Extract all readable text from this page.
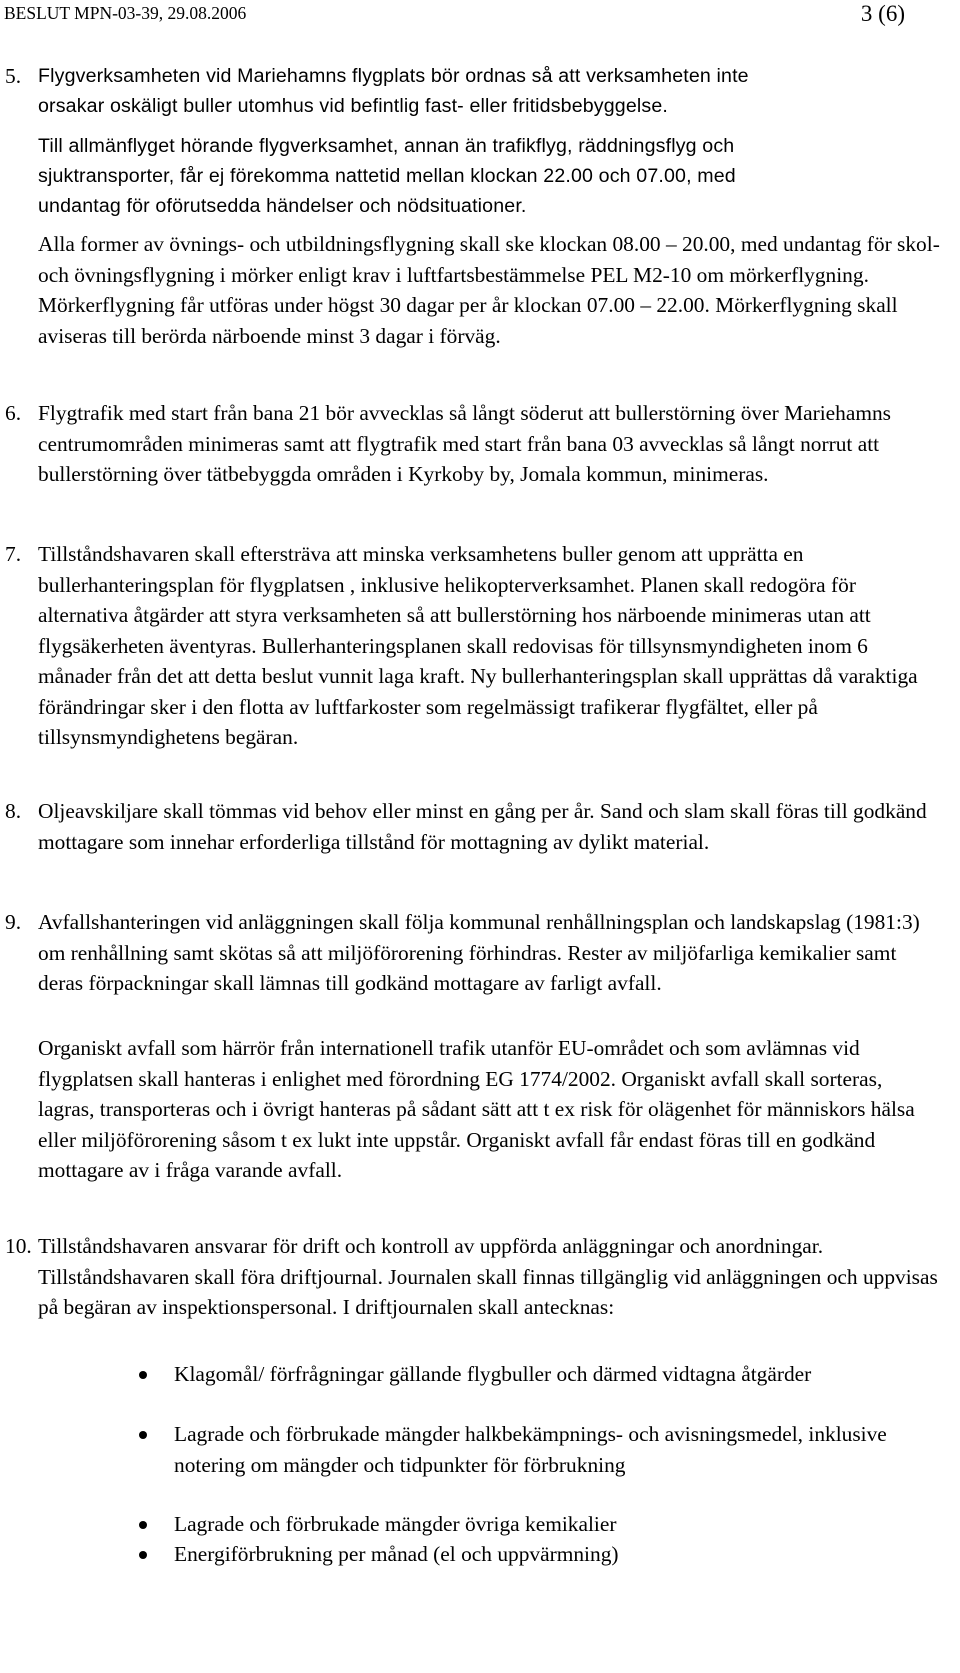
BESLUT MPN-03-39, 29.08.2006	3 (6)
5. Flygverksamheten vid Mariehamns flygplats bör ordnas så att verksamheten inte

orsakar oskäligt buller utomhus vid befintlig fast- eller fritidsbebyggelse.

Till allmänflyget hörande flygverksamhet, annan än trafikflyg, räddningsflyg och

sjuktransporter, får ej förekomma nattetid mellan klockan 22.00 och 07.00, med

undantag för oförutsedda händelser och nödsituationer.

Alla former av övnings- och utbildningsflygning skall ske klockan 08.00 – 20.00, med undantag för skol- och övningsflygning i mörker enligt krav i luftfartsbestämmelse PEL M2-10 om mörkerflygning. Mörkerflygning får utföras under högst 30 dagar per år klockan 07.00 – 22.00. Mörkerflygning skall aviseras till berörda närboende minst 3 dagar i förväg.

6. Flygtrafik med start från bana 21 bör avvecklas så långt söderut att bullerstörning över Mariehamns centrumområden minimeras samt att flygtrafik med start från bana 03 avvecklas så långt norrut att bullerstörning över tätbebyggda områden i Kyrkoby by, Jomala kommun, minimeras.

7. Tillståndshavaren skall eftersträva att minska verksamhetens buller genom att upprätta en bullerhanteringsplan för flygplatsen , inklusive helikopterverksamhet. Planen skall redogöra för alternativa åtgärder att styra verksamheten så att bullerstörning hos närboende minimeras utan att flygsäkerheten äventyras. Bullerhanteringsplanen skall redovisas för tillsynsmyndigheten inom 6 månader från det att detta beslut vunnit laga kraft. Ny bullerhanteringsplan skall upprättas då varaktiga förändringar sker i den flotta av luftfarkoster som regelmässigt trafikerar flygfältet, eller på tillsynsmyndighetens begäran.

8. Oljeavskiljare skall tömmas vid behov eller minst en gång per år. Sand och slam skall föras till godkänd mottagare som innehar erforderliga tillstånd för mottagning av dylikt material.

9. Avfallshanteringen vid anläggningen skall följa kommunal renhållningsplan och landskapslag (1981:3) om renhållning samt skötas så att miljöförorening förhindras. Rester av miljöfarliga kemikalier samt deras förpackningar skall lämnas till godkänd mottagare av farligt avfall.

Organiskt avfall som härrör från internationell trafik utanför EU-området och som avlämnas vid flygplatsen skall hanteras i enlighet med förordning EG 1774/2002. Organiskt avfall skall sorteras, lagras, transporteras och i övrigt hanteras på sådant sätt att t ex risk för olägenhet för människors hälsa eller miljöförorening såsom t ex lukt inte uppstår. Organiskt avfall får endast föras till en godkänd mottagare av i fråga varande avfall.

10. Tillståndshavaren ansvarar för drift och kontroll av uppförda anläggningar och anordningar. Tillståndshavaren skall föra driftjournal. Journalen skall finnas tillgänglig vid anläggningen och uppvisas på begäran av inspektionspersonal. I driftjournalen skall antecknas:

Klagomål/ förfrågningar gällande flygbuller och därmed vidtagna åtgärder

Lagrade och förbrukade mängder halkbekämpnings- och avisningsmedel, inklusive notering om mängder och tidpunkter för förbrukning

Lagrade och förbrukade mängder övriga kemikalier

Energiförbrukning per månad (el och uppvärmning)
